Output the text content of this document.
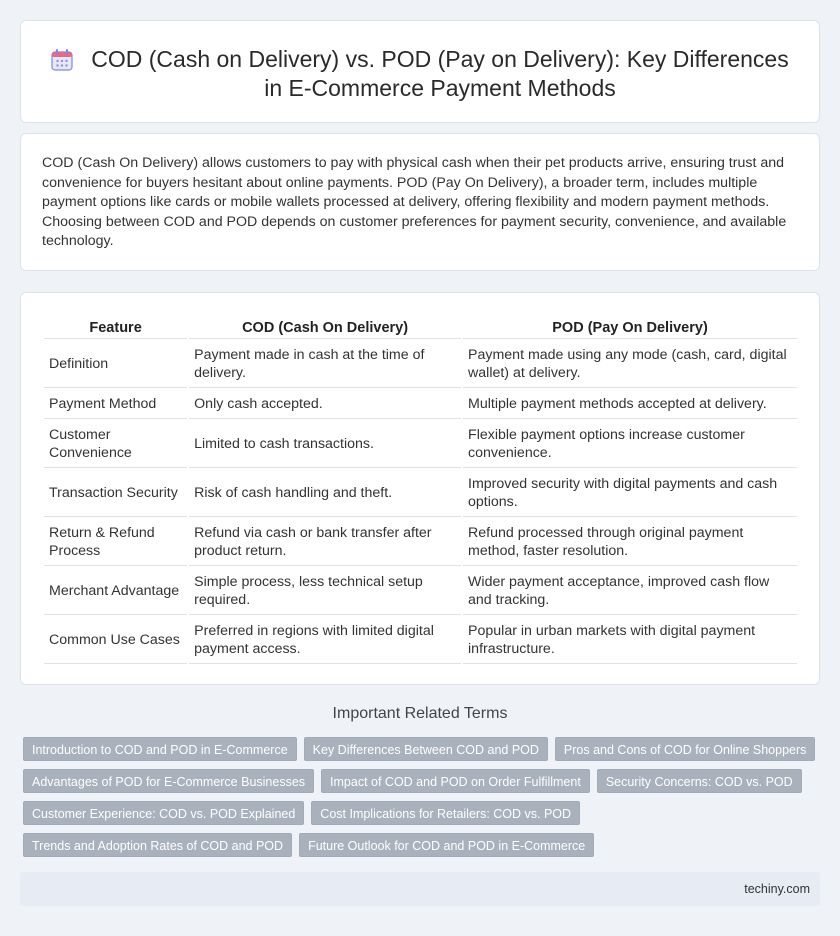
COD (Cash on Delivery) vs. POD (Pay on Delivery): Key Differences in E-Commerce Payment Methods

COD (Cash On Delivery) allows customers to pay with physical cash when their pet products arrive, ensuring trust and convenience for buyers hesitant about online payments. POD (Pay On Delivery), a broader term, includes multiple payment options like cards or mobile wallets processed at delivery, offering flexibility and modern payment methods. Choosing between COD and POD depends on customer preferences for payment security, convenience, and available technology.

Feature	COD (Cash On Delivery)	POD (Pay On Delivery)
Definition	Payment made in cash at the time of delivery.	Payment made using any mode (cash, card, digital wallet) at delivery.
Payment Method	Only cash accepted.	Multiple payment methods accepted at delivery.
Customer Convenience	Limited to cash transactions.	Flexible payment options increase customer convenience.
Transaction Security	Risk of cash handling and theft.	Improved security with digital payments and cash options.
Return & Refund Process	Refund via cash or bank transfer after product return.	Refund processed through original payment method, faster resolution.
Merchant Advantage	Simple process, less technical setup required.	Wider payment acceptance, improved cash flow and tracking.
Common Use Cases	Preferred in regions with limited digital payment access.	Popular in urban markets with digital payment infrastructure.
Important Related Terms
Introduction to COD and POD in E-Commerce	Key Differences Between COD and POD	Pros and Cons of COD for Online Shoppers
Advantages of POD for E-Commerce Businesses	Impact of COD and POD on Order Fulfillment	Security Concerns: COD vs. POD
Customer Experience: COD vs. POD Explained	Cost Implications for Retailers: COD vs. POD
Trends and Adoption Rates of COD and POD	Future Outlook for COD and POD in E-Commerce
techiny.com
